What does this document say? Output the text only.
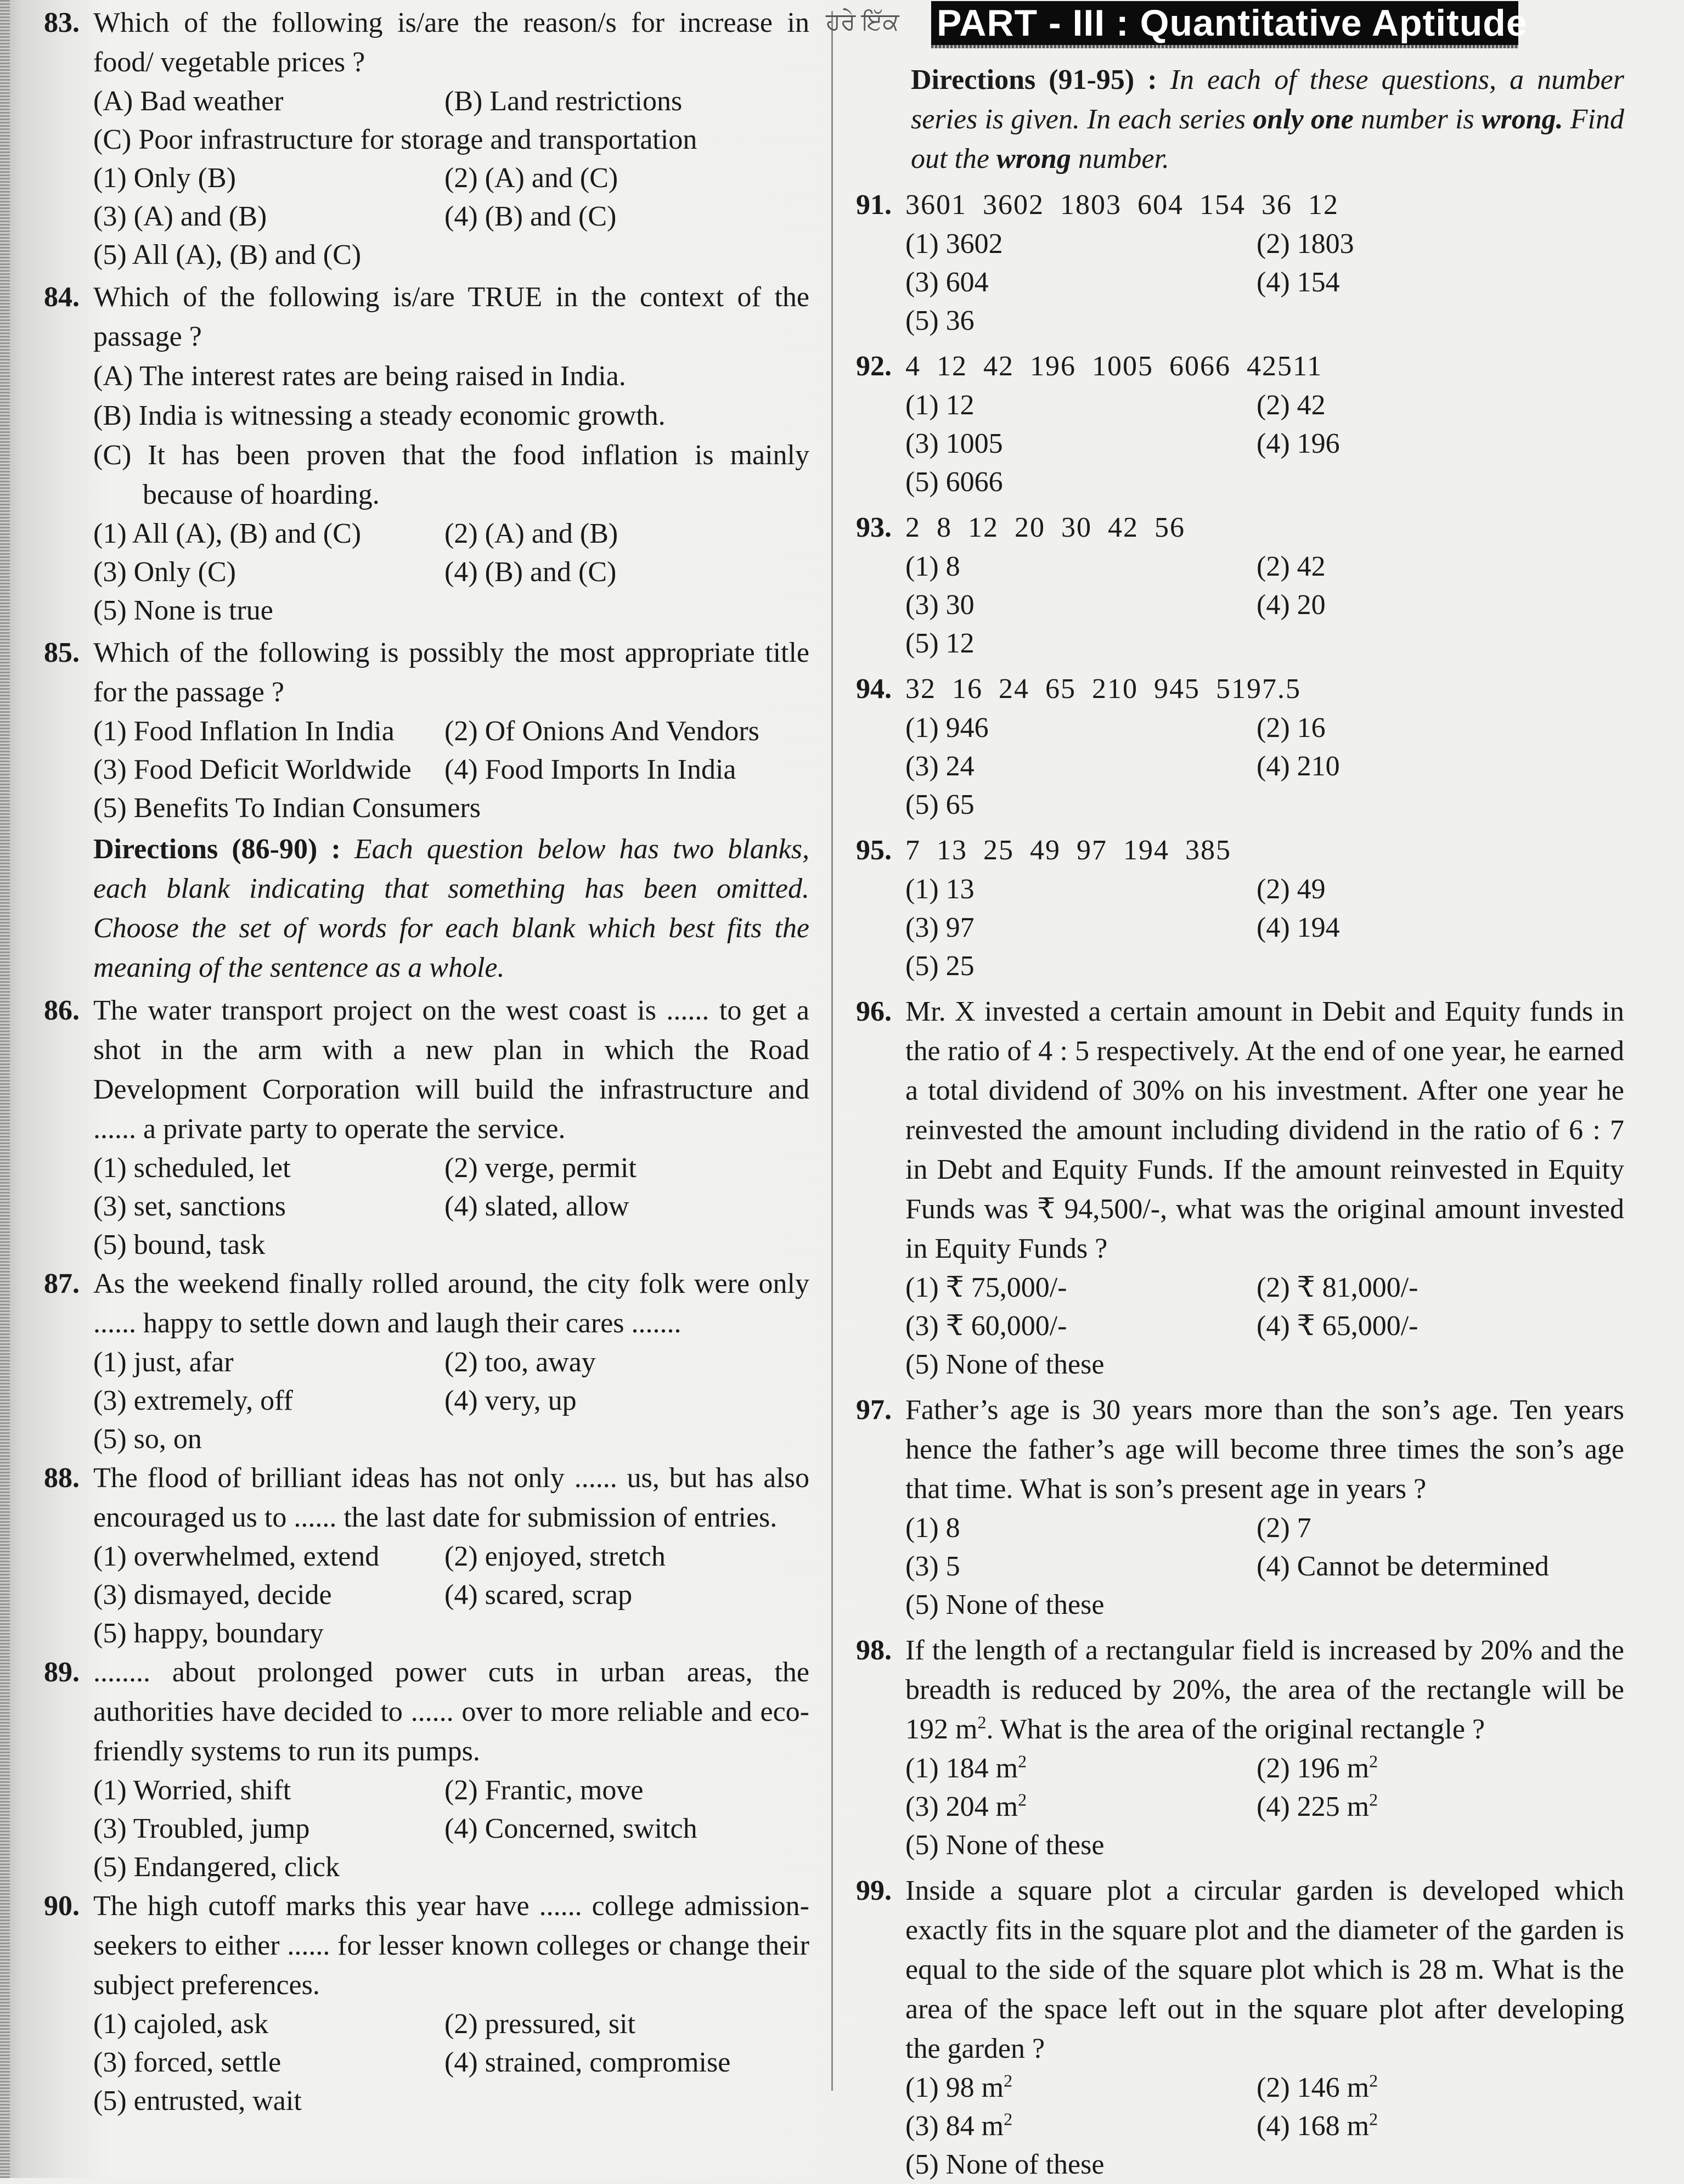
ਹਰੇ ਇੱਕ PART - III : Quantitative Aptitude
83. Which of the following is/are the reason/s for increase in food/ vegetable prices ?
(A) Bad weather	(B) Land restrictions
(C) Poor infrastructure for storage and transportation
(1) Only (B)	(2) (A) and (C)
(3) (A) and (B)	(4) (B) and (C)
(5) All (A), (B) and (C)
84. Which of the following is/are TRUE in the context of the passage ?
(A) The interest rates are being raised in India.
(B) India is witnessing a steady economic growth.
(C) It has been proven that the food inflation is mainly
because of hoarding.
(1) All (A), (B) and (C)	(2) (A) and (B)
(3) Only (C)	(4) (B) and (C)
(5) None is true
85. Which of the following is possibly the most appropriate title for the passage ?
(1) Food Inflation In India	(2) Of Onions And Vendors
(3) Food Deficit Worldwide	(4) Food Imports In India
(5) Benefits To Indian Consumers
Directions (86-90) : Each question below has two blanks, each blank indicating that something has been omitted. Choose the set of words for each blank which best fits the meaning of the sentence as a whole.
86. The water transport project on the west coast is ...... to get a shot in the arm with a new plan in which the Road Development Corporation will build the infrastructure and ...... a private party to operate the service.
(1) scheduled, let	(2) verge, permit
(3) set, sanctions	(4) slated, allow
(5) bound, task
87. As the weekend finally rolled around, the city folk were only ...... happy to settle down and laugh their cares .......
(1) just, afar	(2) too, away
(3) extremely, off	(4) very, up
(5) so, on
88. The flood of brilliant ideas has not only ...... us, but has also encouraged us to ...... the last date for submission of entries.
(1) overwhelmed, extend	(2) enjoyed, stretch
(3) dismayed, decide	(4) scared, scrap
(5) happy, boundary
89. ........ about prolonged power cuts in urban areas, the authorities have decided to ...... over to more reliable and eco-friendly systems to run its pumps.
(1) Worried, shift	(2) Frantic, move
(3) Troubled, jump	(4) Concerned, switch
(5) Endangered, click
90. The high cutoff marks this year have ...... college admission- seekers to either ...... for lesser known colleges or change their subject preferences.
(1) cajoled, ask	(2) pressured, sit
(3) forced, settle	(4) strained, compromise
(5) entrusted, wait
Directions (91-95) : In each of these questions, a number series is given. In each series only one number is wrong. Find out the wrong number.
91. 3601 3602 1803 604 154 36 12
(1) 3602	(2) 1803
(3) 604	(4) 154
(5) 36
92. 4 12 42 196 1005 6066 42511
(1) 12	(2) 42
(3) 1005	(4) 196
(5) 6066
93. 2 8 12 20 30 42 56
(1) 8	(2) 42
(3) 30	(4) 20
(5) 12
94. 32 16 24 65 210 945 5197.5
(1) 946	(2) 16
(3) 24	(4) 210
(5) 65
95. 7 13 25 49 97 194 385
(1) 13	(2) 49
(3) 97	(4) 194
(5) 25
96. Mr. X invested a certain amount in Debit and Equity funds in the ratio of 4 : 5 respectively. At the end of one year, he earned a total dividend of 30% on his investment. After one year he reinvested the amount including dividend in the ratio of 6 : 7 in Debt and Equity Funds. If the amount reinvested in Equity Funds was ₹ 94,500/-, what was the original amount invested in Equity Funds ?
(1) ₹ 75,000/-	(2) ₹ 81,000/-
(3) ₹ 60,000/-	(4) ₹ 65,000/-
(5) None of these
97. Father’s age is 30 years more than the son’s age. Ten years hence the father’s age will become three times the son’s age that time. What is son’s present age in years ?
(1) 8	(2) 7
(3) 5	(4) Cannot be determined
(5) None of these
98. If the length of a rectangular field is increased by 20% and the breadth is reduced by 20%, the area of the rectangle will be 192 $m^2$. What is the area of the original rectangle ?
(1) 184 $m^2$	(2) 196 $m^2$
(3) 204 $m^2$	(4) 225 $m^2$
(5) None of these
99. Inside a square plot a circular garden is developed which exactly fits in the square plot and the diameter of the garden is equal to the side of the square plot which is 28 m. What is the area of the space left out in the square plot after developing the garden ?
(1) 98 $m^2$	(2) 146 $m^2$
(3) 84 $m^2$	(4) 168 $m^2$
(5) None of these
